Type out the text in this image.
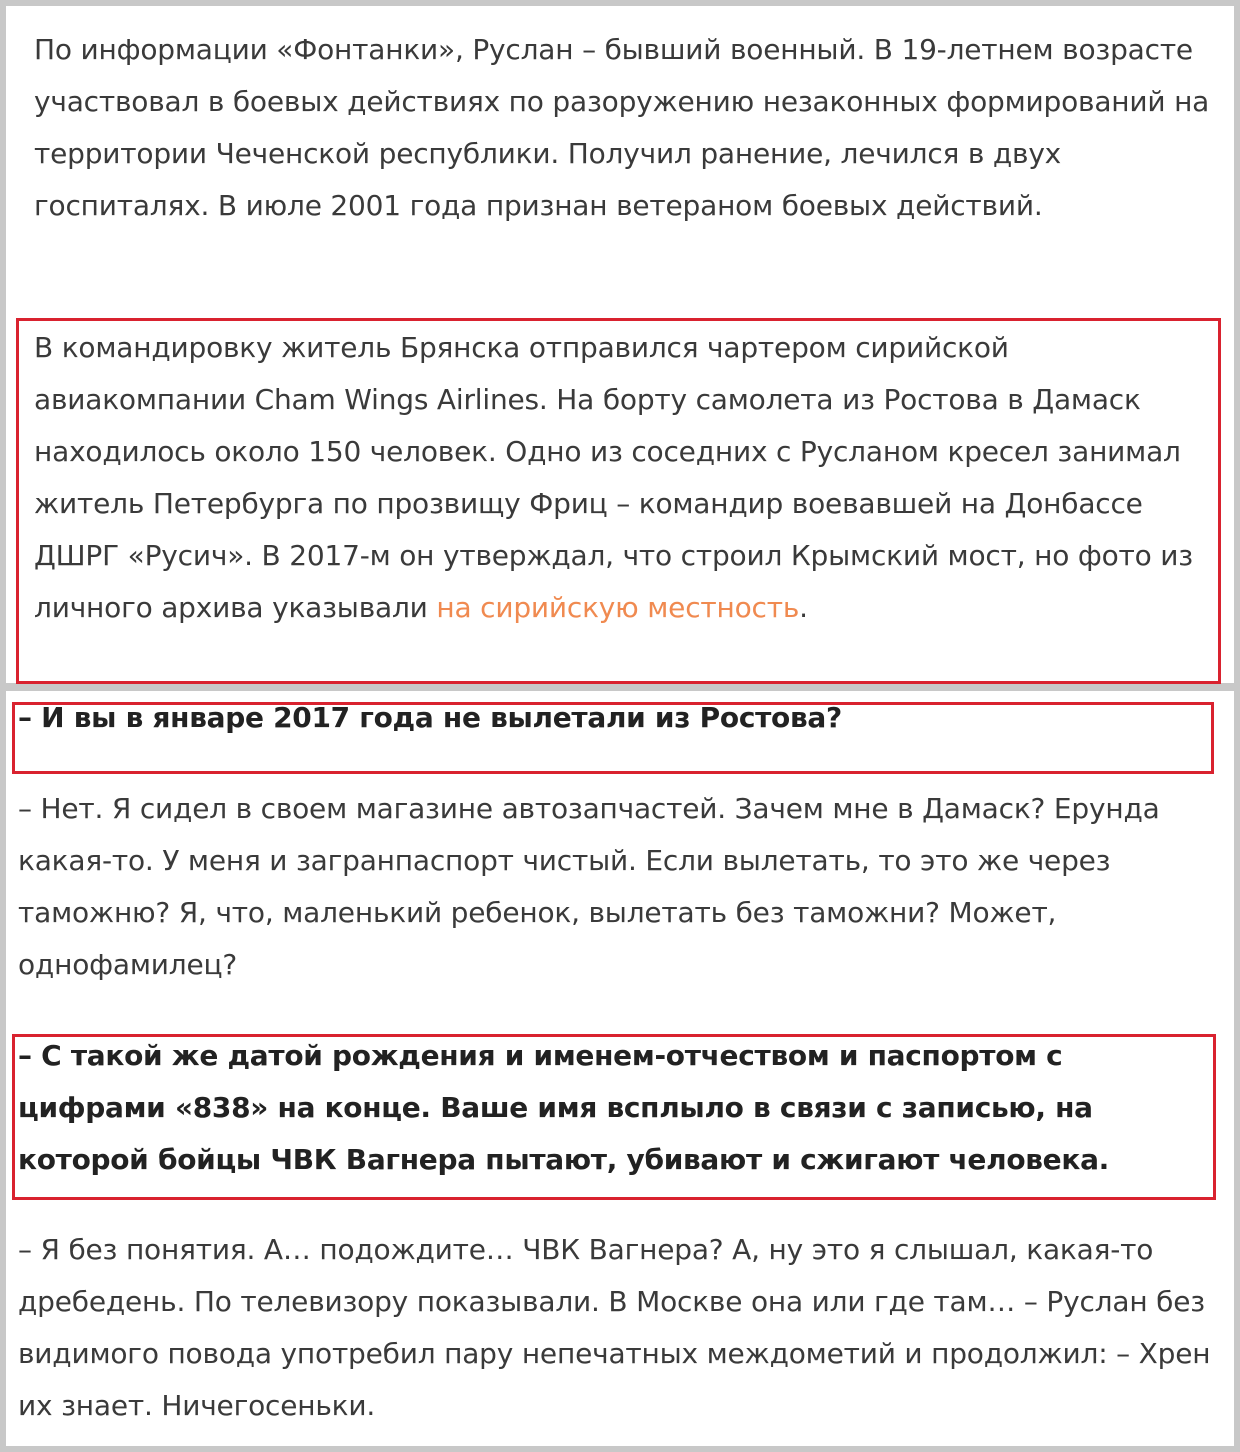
По информации «Фонтанки», Руслан – бывший военный. В 19-летнем возрасте участвовал в боевых действиях по разоружению незаконных формирований на территории Чеченской республики. Получил ранение, лечился в двух госпиталях. В июле 2001 года признан ветераном боевых действий.

В командировку житель Брянска отправился чартером сирийской авиакомпании Cham Wings Airlines. На борту самолета из Ростова в Дамаск находилось около 150 человек. Одно из соседних с Русланом кресел занимал житель Петербурга по прозвищу Фриц – командир воевавшей на Донбассе ДШРГ «Русич». В 2017-м он утверждал, что строил Крымский мост, но фото из личного архива указывали на сирийскую местность.

– И вы в январе 2017 года не вылетали из Ростова?

– Нет. Я сидел в своем магазине автозапчастей. Зачем мне в Дамаск? Ерунда какая-то. У меня и загранпаспорт чистый. Если вылетать, то это же через таможню? Я, что, маленький ребенок, вылетать без таможни? Может, однофамилец?

– С такой же датой рождения и именем-отчеством и паспортом с цифрами «838» на конце. Ваше имя всплыло в связи с записью, на которой бойцы ЧВК Вагнера пытают, убивают и сжигают человека.

– Я без понятия. А… подождите… ЧВК Вагнера? А, ну это я слышал, какая-то дребедень. По телевизору показывали. В Москве она или где там… – Руслан без видимого повода употребил пару непечатных междометий и продолжил: – Хрен их знает. Ничегосеньки.
